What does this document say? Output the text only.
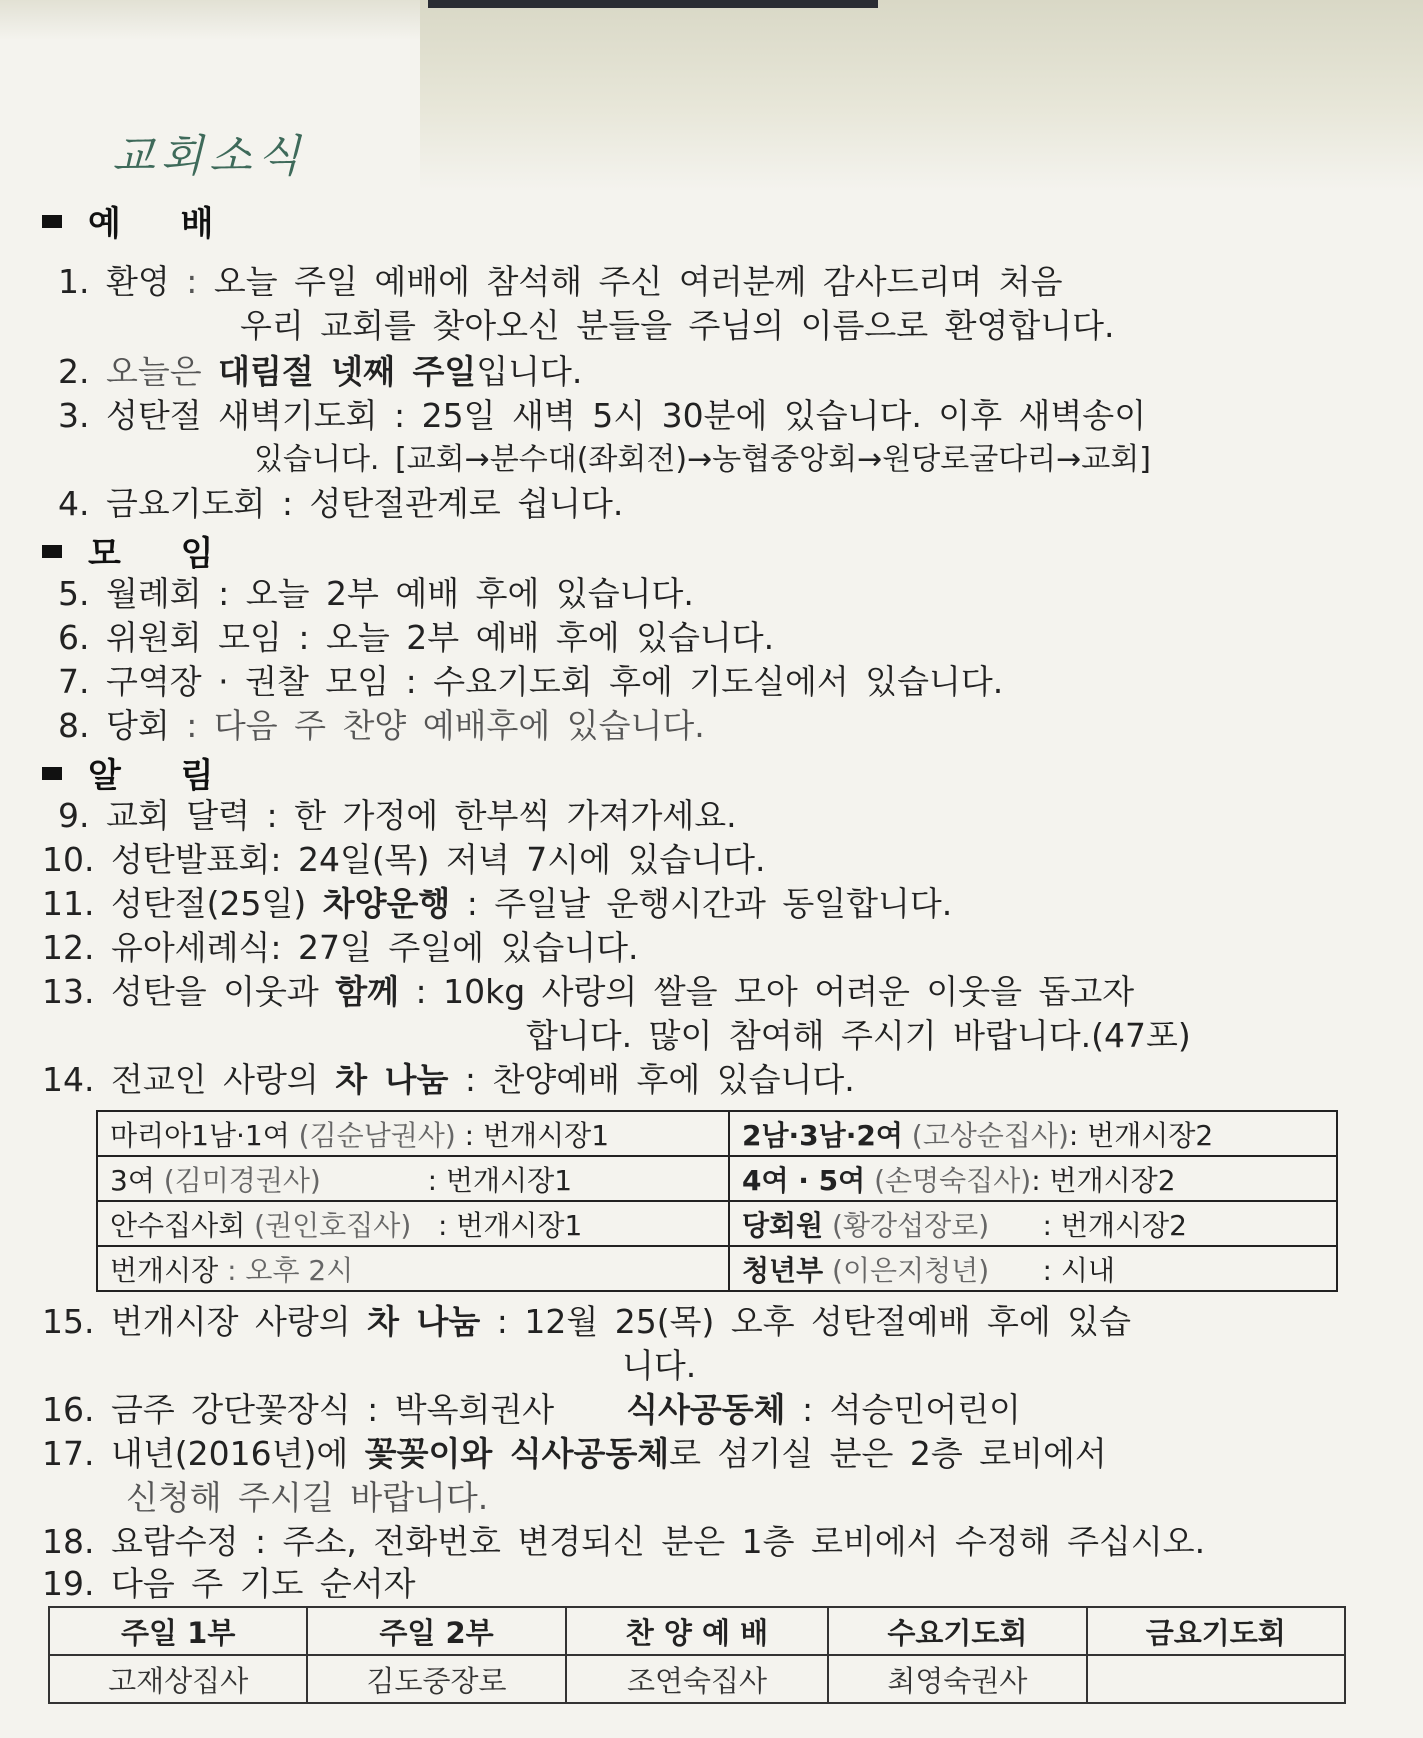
교회소식
예 배
1. 환영 : 오늘 주일 예배에 참석해 주신 여러분께 감사드리며 처음
우리 교회를 찾아오신 분들을 주님의 이름으로 환영합니다.
2. 오늘은 대림절 넷째 주일입니다.
3. 성탄절 새벽기도회 : 25일 새벽 5시 30분에 있습니다. 이후 새벽송이
있습니다. [교회→분수대(좌회전)→농협중앙회→원당로굴다리→교회]
4. 금요기도회 : 성탄절관계로 쉽니다.
모 임
5. 월례회 : 오늘 2부 예배 후에 있습니다.
6. 위원회 모임 : 오늘 2부 예배 후에 있습니다.
7. 구역장 · 권찰 모임 : 수요기도회 후에 기도실에서 있습니다.
8. 당회 : 다음 주 찬양 예배후에 있습니다.
알 림
9. 교회 달력 : 한 가정에 한부씩 가져가세요.
10. 성탄발표회: 24일(목) 저녁 7시에 있습니다.
11. 성탄절(25일) 차양운행 : 주일날 운행시간과 동일합니다.
12. 유아세례식: 27일 주일에 있습니다.
13. 성탄을 이웃과 함께 : 10kg 사랑의 쌀을 모아 어려운 이웃을 돕고자
합니다. 많이 참여해 주시기 바랍니다.(47포)
14. 전교인 사랑의 차 나눔 : 찬양예배 후에 있습니다.
마리아1남·1여 (김순남권사) : 번개시장1	2남·3남·2여 (고상순집사): 번개시장2
3여 (김미경권사)            : 번개시장1	4여 · 5여 (손명숙집사): 번개시장2
안수집사회 (권인호집사)   : 번개시장1	당회원 (황강섭장로)      : 번개시장2
번개시장 : 오후 2시	청년부 (이은지청년)      : 시내
15. 번개시장 사랑의 차 나눔 : 12월 25(목) 오후 성탄절예배 후에 있습
니다.
16. 금주 강단꽃장식 : 박옥희권사 식사공동체 : 석승민어린이
17. 내년(2016년)에 꽃꽂이와 식사공동체로 섬기실 분은 2층 로비에서
신청해 주시길 바랍니다.
18. 요람수정 : 주소, 전화번호 변경되신 분은 1층 로비에서 수정해 주십시오.
19. 다음 주 기도 순서자
주일 1부	주일 2부	찬 양 예 배	수요기도회	금요기도회
고재상집사	김도중장로	조연숙집사	최영숙권사	
